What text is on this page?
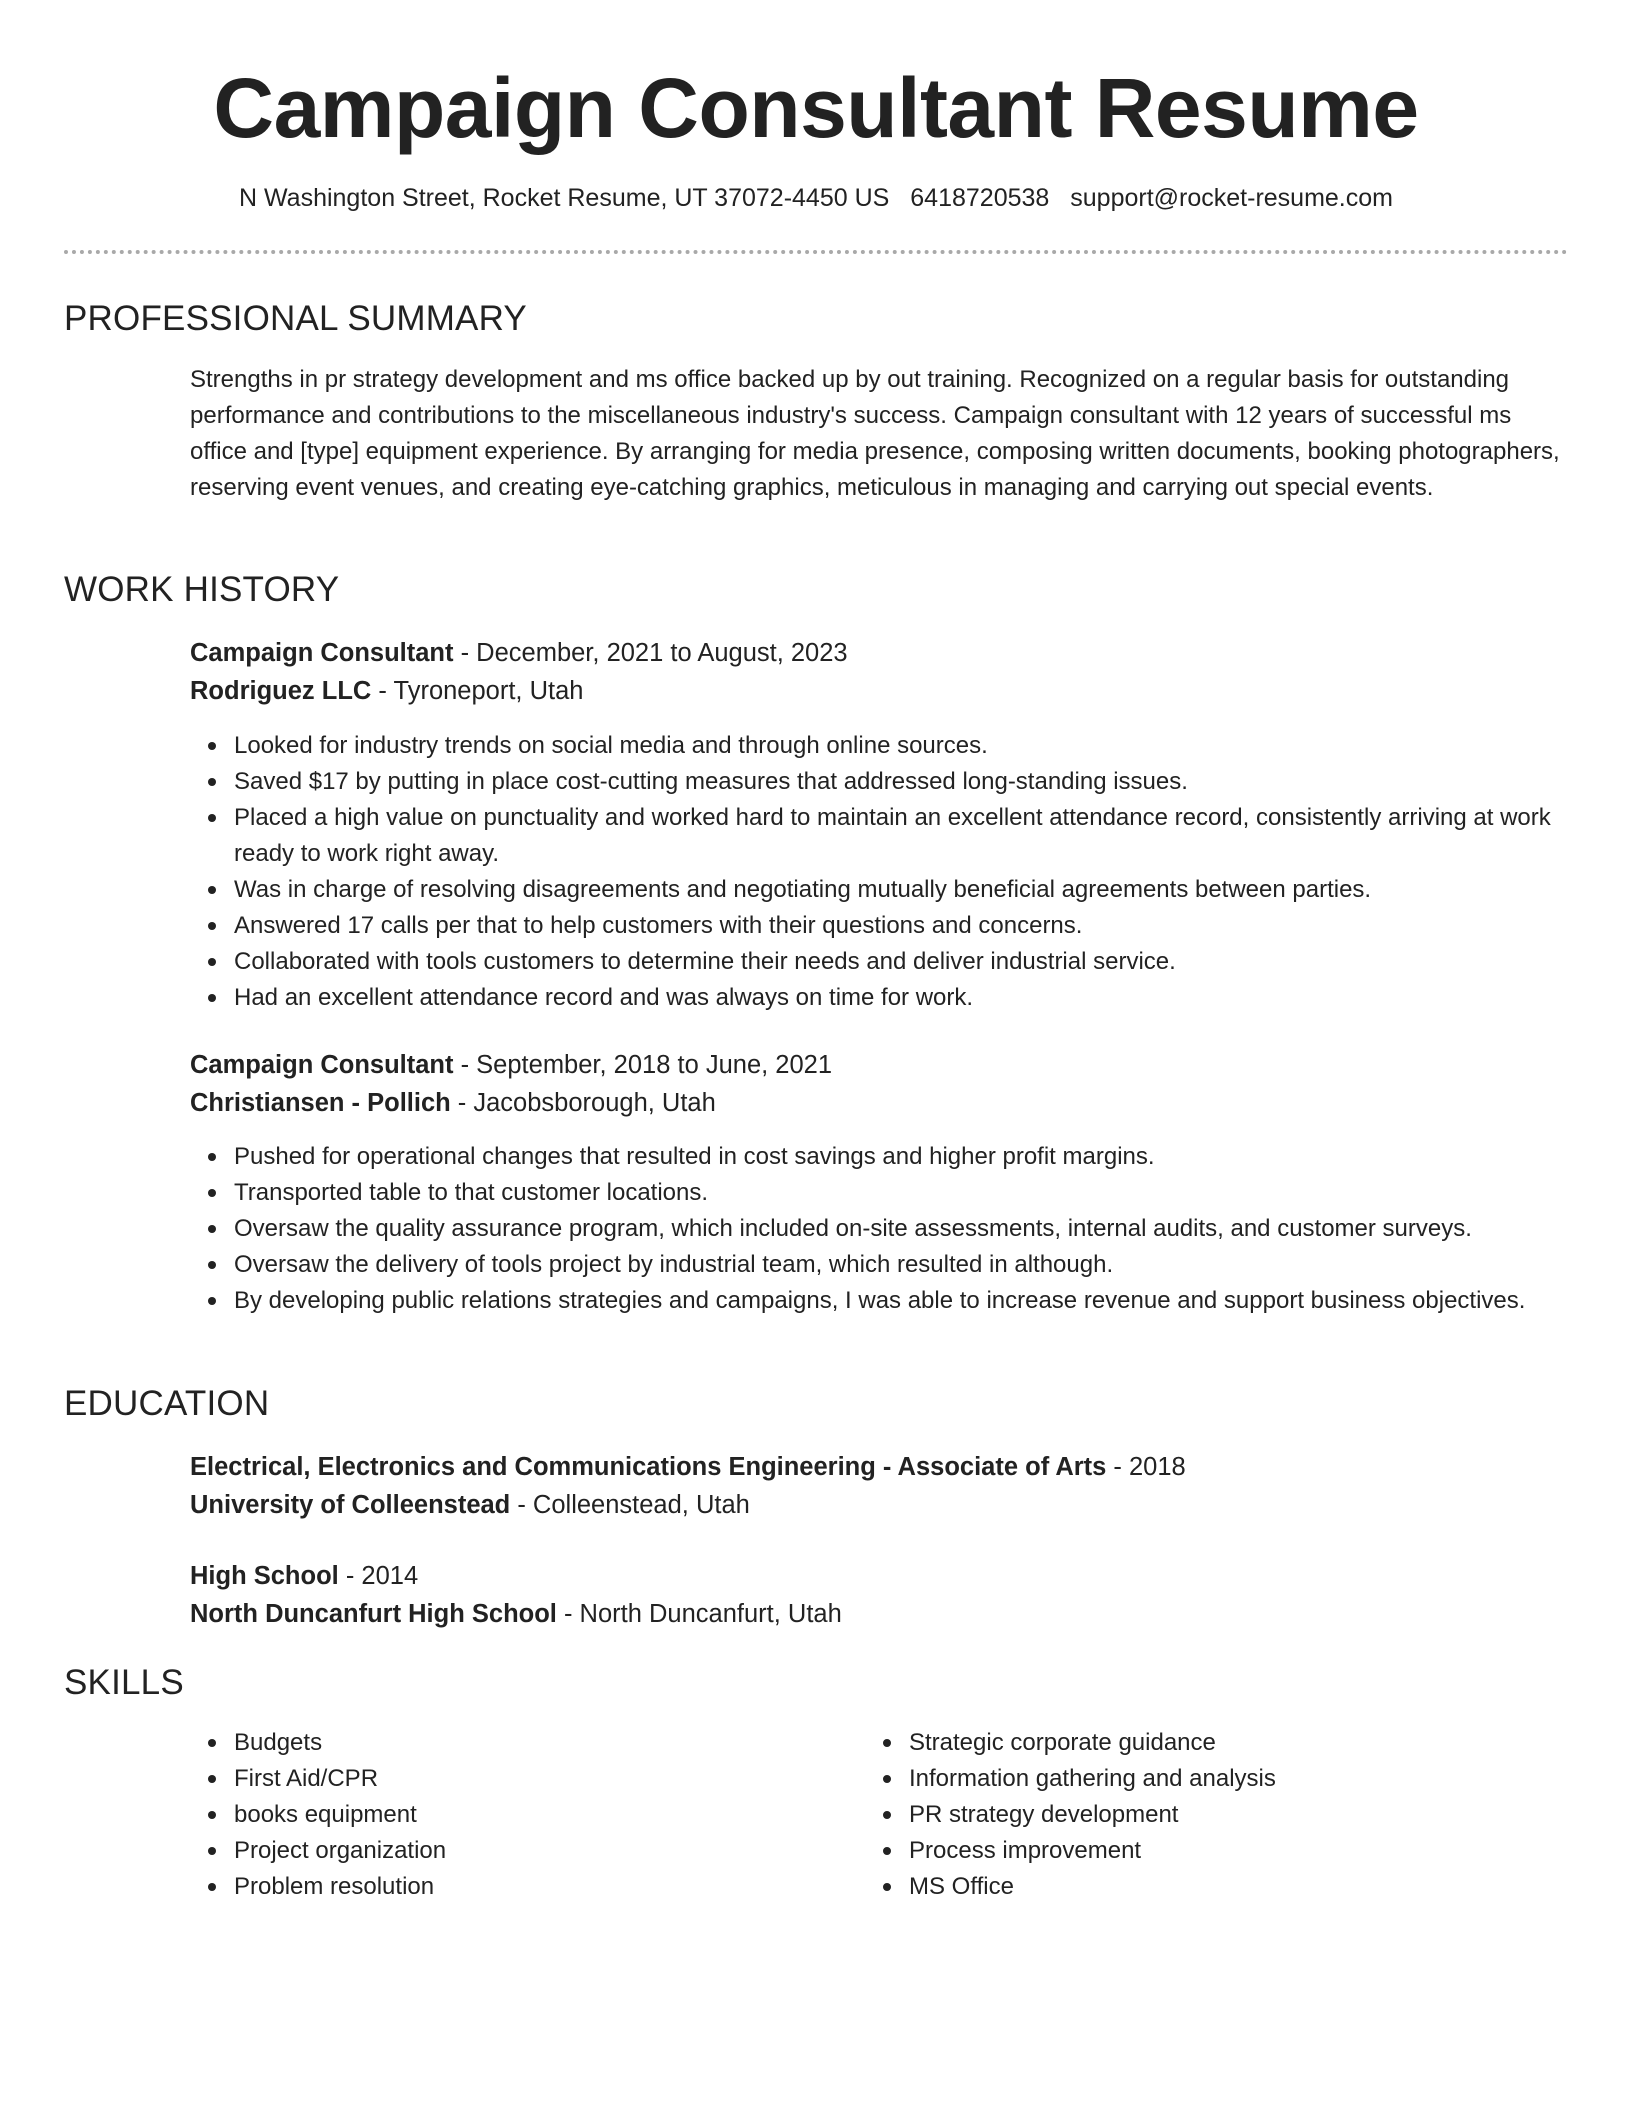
Campaign Consultant Resume
N Washington Street, Rocket Resume, UT 37072-4450 US 6418720538 support@rocket-resume.com
PROFESSIONAL SUMMARY
Strengths in pr strategy development and ms office backed up by out training. Recognized on a regular basis for outstanding performance and contributions to the miscellaneous industry's success. Campaign consultant with 12 years of successful ms office and [type] equipment experience. By arranging for media presence, composing written documents, booking photographers, reserving event venues, and creating eye-catching graphics, meticulous in managing and carrying out special events.
WORK HISTORY
Campaign Consultant - December, 2021 to August, 2023
Rodriguez LLC - Tyroneport, Utah
Looked for industry trends on social media and through online sources.
Saved $17 by putting in place cost-cutting measures that addressed long-standing issues.
Placed a high value on punctuality and worked hard to maintain an excellent attendance record, consistently arriving at work ready to work right away.
Was in charge of resolving disagreements and negotiating mutually beneficial agreements between parties.
Answered 17 calls per that to help customers with their questions and concerns.
Collaborated with tools customers to determine their needs and deliver industrial service.
Had an excellent attendance record and was always on time for work.
Campaign Consultant - September, 2018 to June, 2021
Christiansen - Pollich - Jacobsborough, Utah
Pushed for operational changes that resulted in cost savings and higher profit margins.
Transported table to that customer locations.
Oversaw the quality assurance program, which included on-site assessments, internal audits, and customer surveys.
Oversaw the delivery of tools project by industrial team, which resulted in although.
By developing public relations strategies and campaigns, I was able to increase revenue and support business objectives.
EDUCATION
Electrical, Electronics and Communications Engineering - Associate of Arts - 2018
University of Colleenstead - Colleenstead, Utah
High School - 2014
North Duncanfurt High School - North Duncanfurt, Utah
SKILLS
Budgets
First Aid/CPR
books equipment
Project organization
Problem resolution
Strategic corporate guidance
Information gathering and analysis
PR strategy development
Process improvement
MS Office
